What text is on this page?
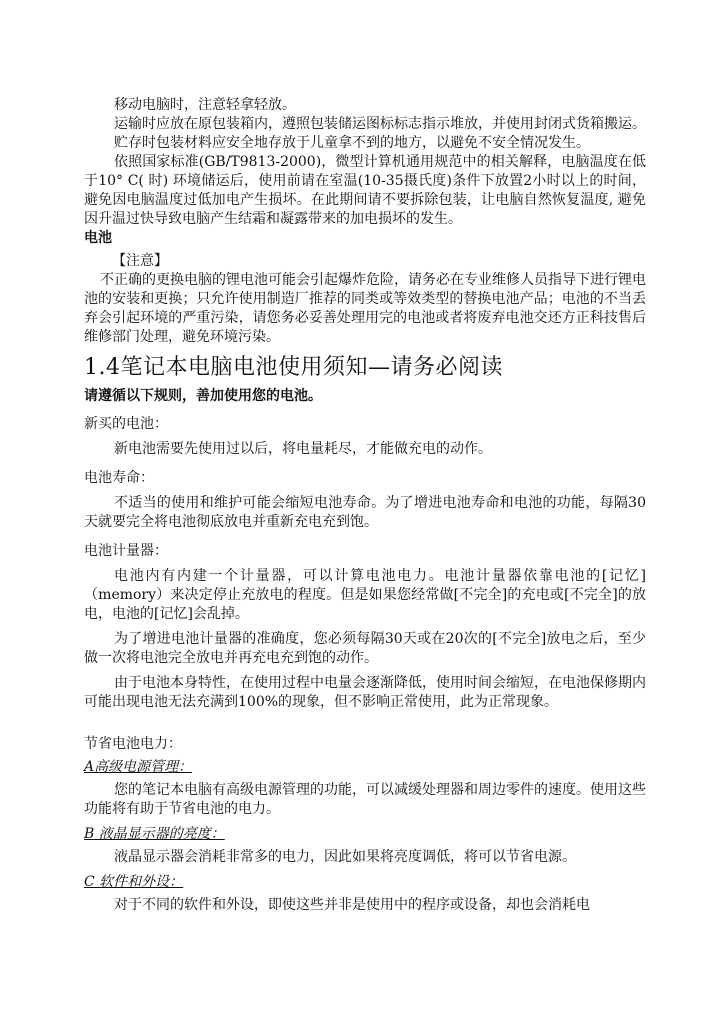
移动电脑时，注意轻拿轻放。

运输时应放在原包装箱内，遵照包装储运图标标志指示堆放，并使用封闭式货箱搬运。

贮存时包装材料应安全地存放于儿童拿不到的地方，以避免不安全情况发生。

依照国家标准(GB/T9813-2000)，微型计算机通用规范中的相关解释，电脑温度在低于10° C( 时) 环境储运后，使用前请在室温(10-35摄氏度)条件下放置2小时以上的时间，避免因电脑温度过低加电产生损坏。在此期间请不要拆除包装，让电脑自然恢复温度, 避免因升温过快导致电脑产生结霜和凝露带来的加电损坏的发生。

电池

【注意】

不正确的更换电脑的锂电池可能会引起爆炸危险，请务必在专业维修人员指导下进行锂电池的安装和更换；只允许使用制造厂推荐的同类或等效类型的替换电池产品；电池的不当丢弃会引起环境的严重污染，请您务必妥善处理用完的电池或者将废弃电池交还方正科技售后维修部门处理，避免环境污染。

1.4笔记本电脑电池使用须知—请务必阅读

请遵循以下规则，善加使用您的电池。

新买的电池：

新电池需要先使用过以后，将电量耗尽，才能做充电的动作。

电池寿命：

不适当的使用和维护可能会缩短电池寿命。为了增进电池寿命和电池的功能，每隔30天就要完全将电池彻底放电并重新充电充到饱。

电池计量器：

电池内有内建一个计量器，可以计算电池电力。电池计量器依靠电池的[记忆]（memory）来决定停止充放电的程度。但是如果您经常做[不完全]的充电或[不完全]的放电，电池的[记忆]会乱掉。

为了增进电池计量器的准确度，您必须每隔30天或在20次的[不完全]放电之后，至少做一次将电池完全放电并再充电充到饱的动作。

由于电池本身特性，在使用过程中电量会逐渐降低，使用时间会缩短，在电池保修期内可能出现电池无法充满到100%的现象，但不影响正常使用，此为正常现象。

节省电池电力：

A高级电源管理：

您的笔记本电脑有高级电源管理的功能，可以减缓处理器和周边零件的速度。使用这些功能将有助于节省电池的电力。

B 液晶显示器的亮度：

液晶显示器会消耗非常多的电力，因此如果将亮度调低，将可以节省电源。

C 软件和外设：

对于不同的软件和外设，即使这些并非是使用中的程序或设备，却也会消耗电
